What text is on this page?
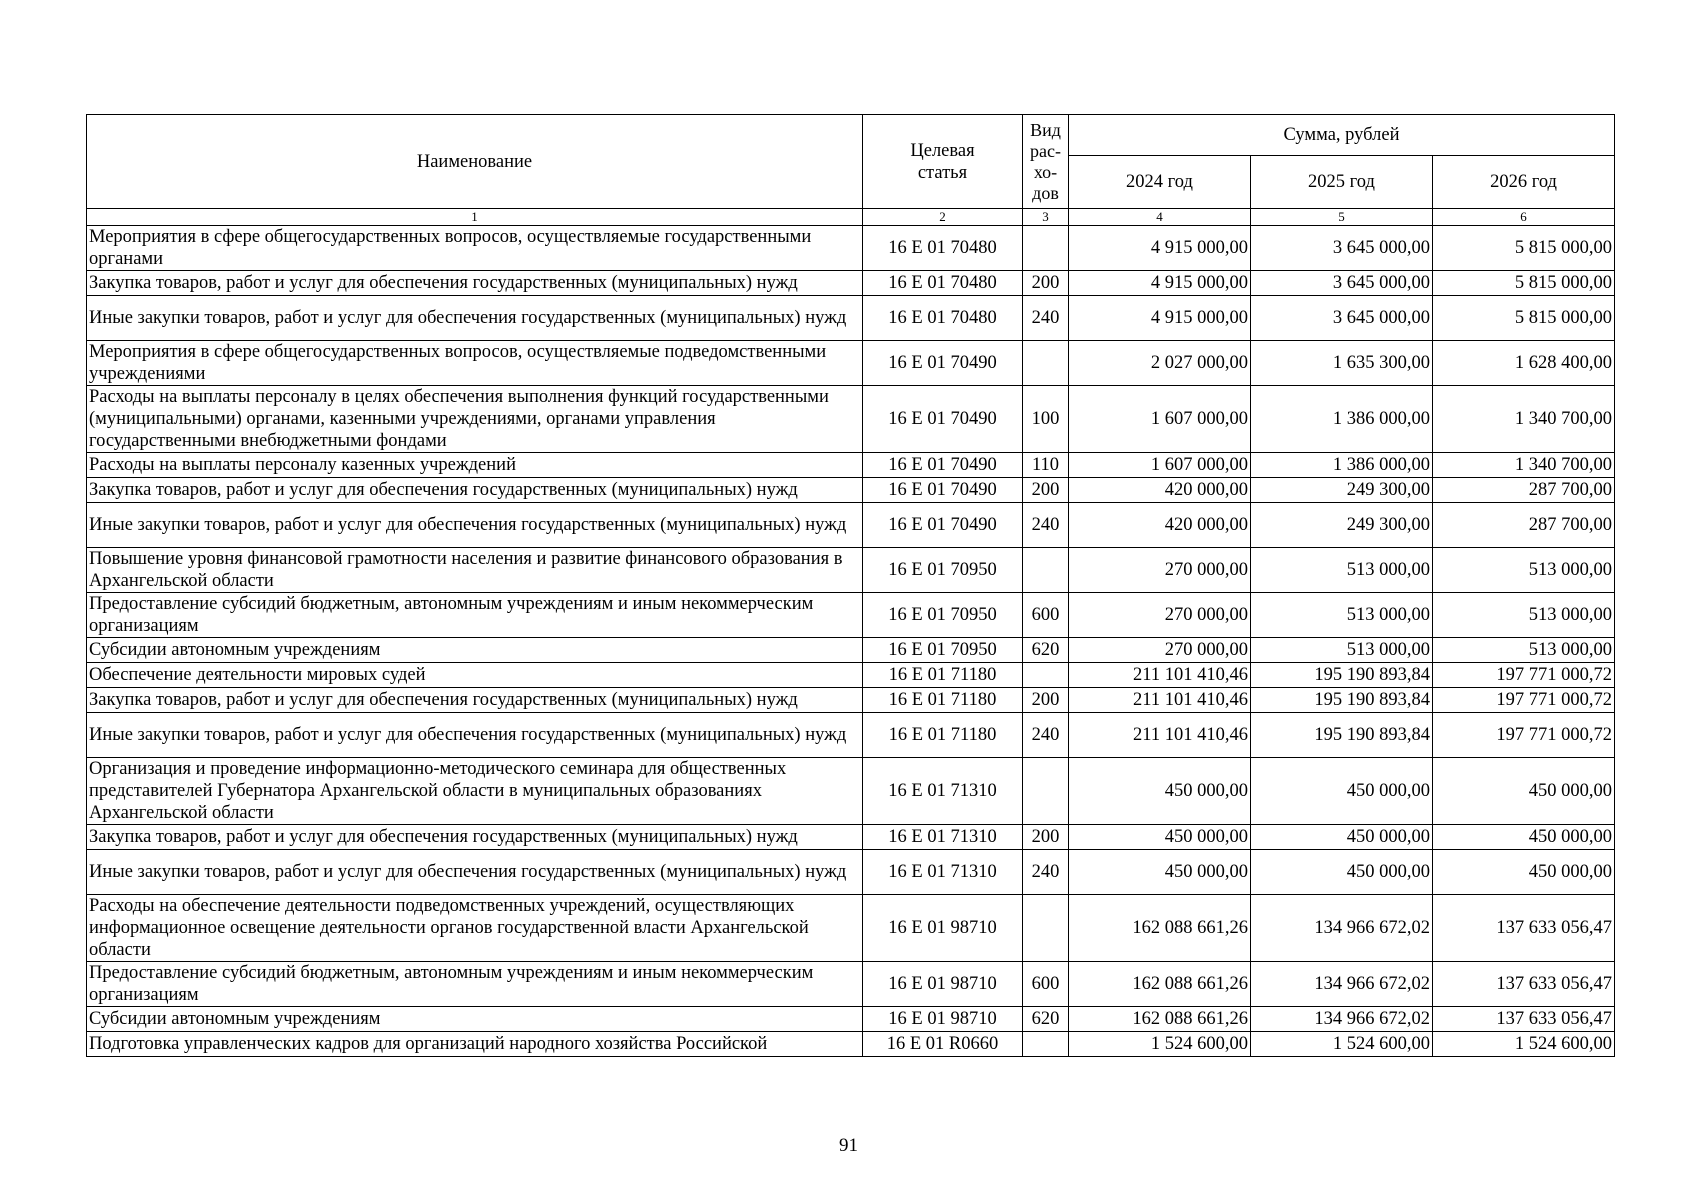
Наименование	Целевая статья	Вид рас- хо- дов	Сумма, рублей		
			2024 год	2025 год	2026 год
1	2	3	4	5	6
Мероприятия в сфере общегосударственных вопросов, осуществляемые государственными органами	16 Е 01 70480		4 915 000,00	3 645 000,00	5 815 000,00
Закупка товаров, работ и услуг для обеспечения государственных (муниципальных) нужд	16 Е 01 70480	200	4 915 000,00	3 645 000,00	5 815 000,00
Иные закупки товаров, работ и услуг для обеспечения государственных (муниципальных) нужд	16 Е 01 70480	240	4 915 000,00	3 645 000,00	5 815 000,00
Мероприятия в сфере общегосударственных вопросов, осуществляемые подведомственными учреждениями	16 Е 01 70490		2 027 000,00	1 635 300,00	1 628 400,00
Расходы на выплаты персоналу в целях обеспечения выполнения функций государственными (муниципальными) органами, казенными учреждениями, органами управления государственными внебюджетными фондами	16 Е 01 70490	100	1 607 000,00	1 386 000,00	1 340 700,00
Расходы на выплаты персоналу казенных учреждений	16 Е 01 70490	110	1 607 000,00	1 386 000,00	1 340 700,00
Закупка товаров, работ и услуг для обеспечения государственных (муниципальных) нужд	16 Е 01 70490	200	420 000,00	249 300,00	287 700,00
Иные закупки товаров, работ и услуг для обеспечения государственных (муниципальных) нужд	16 Е 01 70490	240	420 000,00	249 300,00	287 700,00
Повышение уровня финансовой грамотности населения и развитие финансового образования в Архангельской области	16 Е 01 70950		270 000,00	513 000,00	513 000,00
Предоставление субсидий бюджетным, автономным учреждениям и иным некоммерческим организациям	16 Е 01 70950	600	270 000,00	513 000,00	513 000,00
Субсидии автономным учреждениям	16 Е 01 70950	620	270 000,00	513 000,00	513 000,00
Обеспечение деятельности мировых судей	16 Е 01 71180		211 101 410,46	195 190 893,84	197 771 000,72
Закупка товаров, работ и услуг для обеспечения государственных (муниципальных) нужд	16 Е 01 71180	200	211 101 410,46	195 190 893,84	197 771 000,72
Иные закупки товаров, работ и услуг для обеспечения государственных (муниципальных) нужд	16 Е 01 71180	240	211 101 410,46	195 190 893,84	197 771 000,72
Организация и проведение информационно-методического семинара для общественных представителей Губернатора Архангельской области в муниципальных образованиях Архангельской области	16 Е 01 71310		450 000,00	450 000,00	450 000,00
Закупка товаров, работ и услуг для обеспечения государственных (муниципальных) нужд	16 Е 01 71310	200	450 000,00	450 000,00	450 000,00
Иные закупки товаров, работ и услуг для обеспечения государственных (муниципальных) нужд	16 Е 01 71310	240	450 000,00	450 000,00	450 000,00
Расходы на обеспечение деятельности подведомственных учреждений, осуществляющих информационное освещение деятельности органов государственной власти Архангельской области	16 Е 01 98710		162 088 661,26	134 966 672,02	137 633 056,47
Предоставление субсидий бюджетным, автономным учреждениям и иным некоммерческим организациям	16 Е 01 98710	600	162 088 661,26	134 966 672,02	137 633 056,47
Субсидии автономным учреждениям	16 Е 01 98710	620	162 088 661,26	134 966 672,02	137 633 056,47
Подготовка управленческих кадров для организаций народного хозяйства Российской	16 Е 01 R0660		1 524 600,00	1 524 600,00	1 524 600,00
91
